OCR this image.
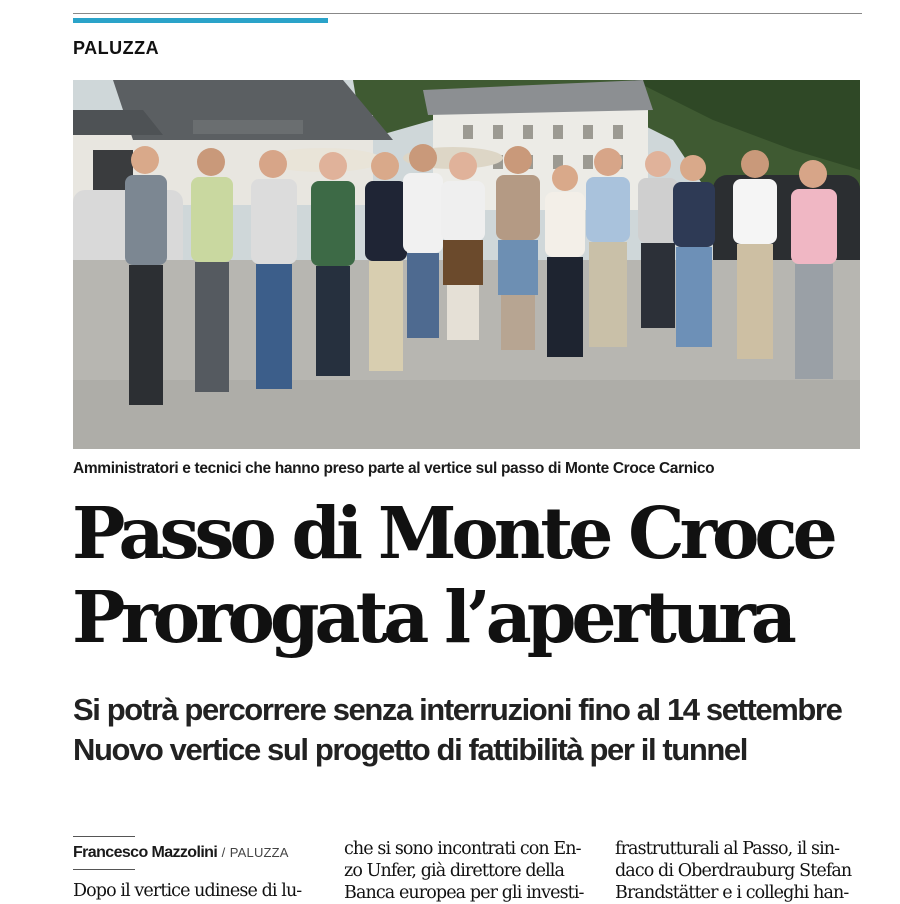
PALUZZA
Amministratori e tecnici che hanno preso parte al vertice sul passo di Monte Croce Carnico
Passo di Monte Croce
Prorogata l’apertura
Si potrà percorrere senza interruzioni fino al 14 settembre
Nuovo vertice sul progetto di fattibilità per il tunnel
Francesco Mazzolini / PALUZZA

Dopo il vertice udinese di lu-

che si sono incontrati con En-

zo Unfer, già direttore della

Banca europea per gli investi-

frastrutturali al Passo, il sin-

daco di Oberdrauburg Stefan

Brandstätter e i colleghi han-
